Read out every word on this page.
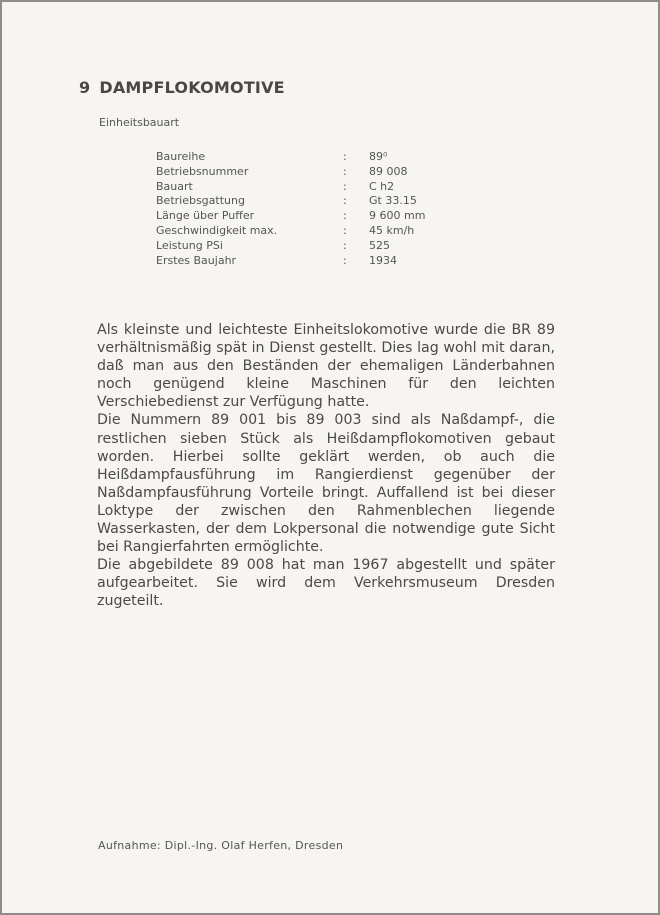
9 DAMPFLOKOMOTIVE
Einheitsbauart
Baureihe	: 89⁰
Betriebsnummer	: 89 008
Bauart	: C h2
Betriebsgattung	: Gt 33.15
Länge über Puffer	: 9 600 mm
Geschwindigkeit max.	: 45 km/h
Leistung PSi	: 525
Erstes Baujahr	: 1934

Als kleinste und leichteste Einheitslokomotive wurde die BR 89 verhältnismäßig spät in Dienst gestellt. Dies lag wohl mit daran, daß man aus den Beständen der ehemaligen Länderbahnen noch genügend kleine Maschinen für den leichten Verschiebedienst zur Verfügung hatte.

Die Nummern 89 001 bis 89 003 sind als Naßdampf-, die restlichen sieben Stück als Heißdampflokomotiven gebaut worden. Hierbei sollte geklärt werden, ob auch die Heißdampfausführung im Rangierdienst gegenüber der Naßdampfausführung Vorteile bringt. Auffallend ist bei dieser Loktype der zwischen den Rahmenblechen liegende Wasserkasten, der dem Lokpersonal die notwendige gute Sicht bei Rangierfahrten ermöglichte.

Die abgebildete 89 008 hat man 1967 abgestellt und später aufgearbeitet. Sie wird dem Verkehrsmuseum Dresden zugeteilt.

Aufnahme: Dipl.-Ing. Olaf Herfen, Dresden
